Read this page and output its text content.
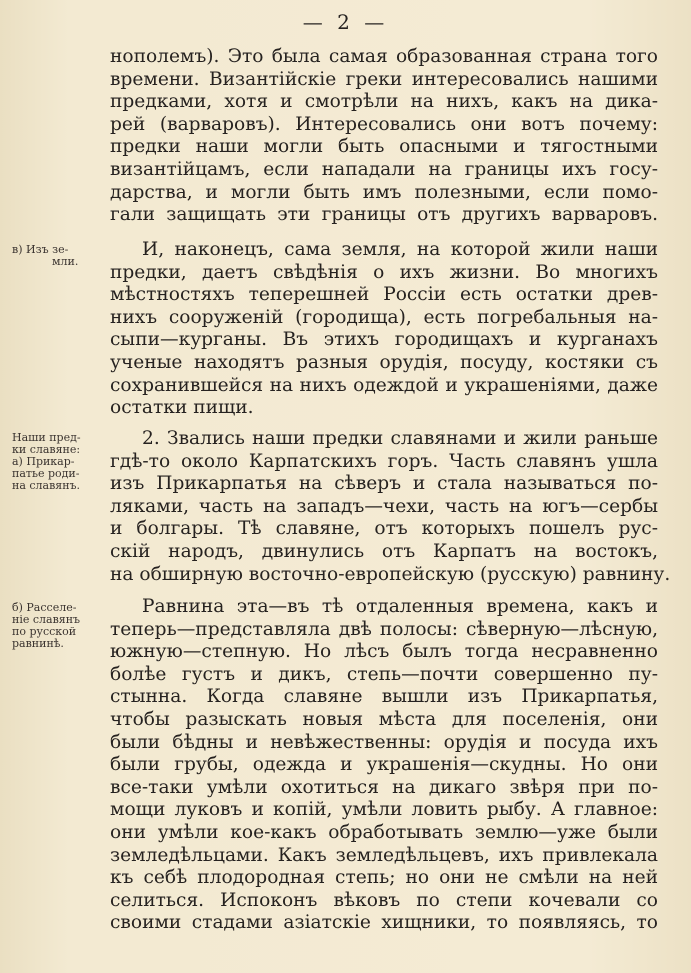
— 2 —
нополемъ). Это была самая образованная страна того
времени. Византійскіе греки интересовались нашими
предками, хотя и смотрѣли на нихъ, какъ на дика-
рей (варваровъ). Интересовались они вотъ почему:
предки наши могли быть опасными и тягостными
византійцамъ, если нападали на границы ихъ госу-
дарства, и могли быть имъ полезными, если помо-
гали защищать эти границы отъ другихъ варваровъ.
в) Изъ зе-
мли.
И, наконецъ, сама земля, на которой жили наши
предки, даетъ свѣдѣнія о ихъ жизни. Во многихъ
мѣстностяхъ теперешней Россіи есть остатки древ-
нихъ сооруженій (городища), есть погребальныя на-
сыпи—курганы. Въ этихъ городищахъ и курганахъ
ученые находятъ разныя орудія, посуду, костяки съ
сохранившейся на нихъ одеждой и украшеніями, даже
остатки пищи.
Наши пред-
ки славяне:
а) Прикар-
патье роди-
на славянъ.
2. Звались наши предки славянами и жили раньше
гдѣ-то около Карпатскихъ горъ. Часть славянъ ушла
изъ Прикарпатья на сѣверъ и стала называться по-
ляками, часть на западъ—чехи, часть на югъ—сербы
и болгары. Тѣ славяне, отъ которыхъ пошелъ рус-
скій народъ, двинулись отъ Карпатъ на востокъ,
на обширную восточно-европейскую (русскую) равнину.
б) Расселе-
ніе славянъ
по русской
равнинѣ.
Равнина эта—въ тѣ отдаленныя времена, какъ и
теперь—представляла двѣ полосы: сѣверную—лѣсную,
южную—степную. Но лѣсъ былъ тогда несравненно
болѣе густъ и дикъ, степь—почти совершенно пу-
стынна. Когда славяне вышли изъ Прикарпатья,
чтобы разыскать новыя мѣста для поселенія, они
были бѣдны и невѣжественны: орудія и посуда ихъ
были грубы, одежда и украшенія—скудны. Но они
все-таки умѣли охотиться на дикаго звѣря при по-
мощи луковъ и копій, умѣли ловить рыбу. А главное:
они умѣли кое-какъ обработывать землю—уже были
земледѣльцами. Какъ земледѣльцевъ, ихъ привлекала
къ себѣ плодородная степь; но они не смѣли на ней
селиться. Испоконъ вѣковъ по степи кочевали со
своими стадами азіатскіе хищники, то появляясь, то
